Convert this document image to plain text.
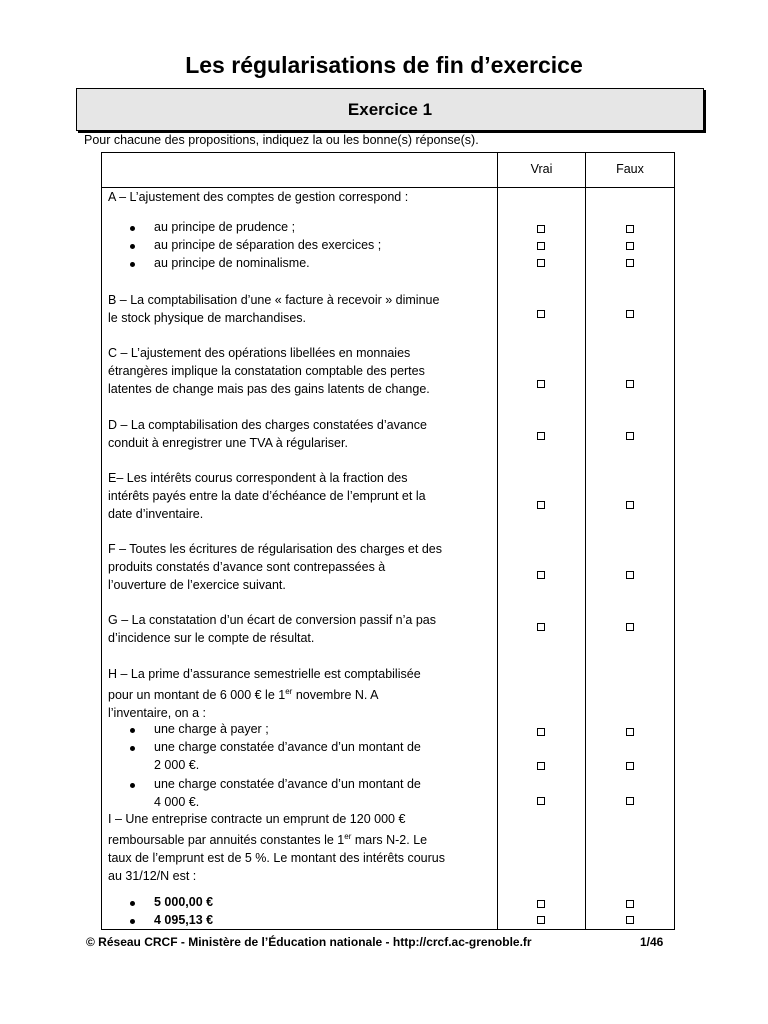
Les régularisations de fin d’exercice
Exercice 1
Pour chacune des propositions, indiquez la ou les bonne(s) réponse(s).
Vrai	Faux
A – L’ajustement des comptes de gestion correspond :
au principe de prudence ;
au principe de séparation des exercices ;
au principe de nominalisme.
B – La comptabilisation d’une « facture à recevoir » diminue
le stock physique de marchandises.
C – L’ajustement des opérations libellées en monnaies
étrangères implique la constatation comptable des pertes
latentes de change mais pas des gains latents de change.
D – La comptabilisation des charges constatées d’avance
conduit à enregistrer une TVA à régulariser.
E– Les intérêts courus correspondent à la fraction des
intérêts payés entre la date d’échéance de l’emprunt et la
date d’inventaire.
F – Toutes les écritures de régularisation des charges et des
produits constatés d’avance sont contrepassées à
l’ouverture de l’exercice suivant.
G – La constatation d’un écart de conversion passif n’a pas
d’incidence sur le compte de résultat.
H – La prime d’assurance semestrielle est comptabilisée
pour un montant de 6 000 € le 1er novembre N. A
l’inventaire, on a :
une charge à payer ;
une charge constatée d’avance d’un montant de
2 000 €.
une charge constatée d’avance d’un montant de
4 000 €.
I – Une entreprise contracte un emprunt de 120 000 €
remboursable par annuités constantes le 1er mars N-2. Le
taux de l’emprunt est de 5 %. Le montant des intérêts courus
au 31/12/N est :
5 000,00 €
4 095,13 €
© Réseau CRCF - Ministère de l’Éducation nationale - http://crcf.ac-grenoble.fr	1/46
